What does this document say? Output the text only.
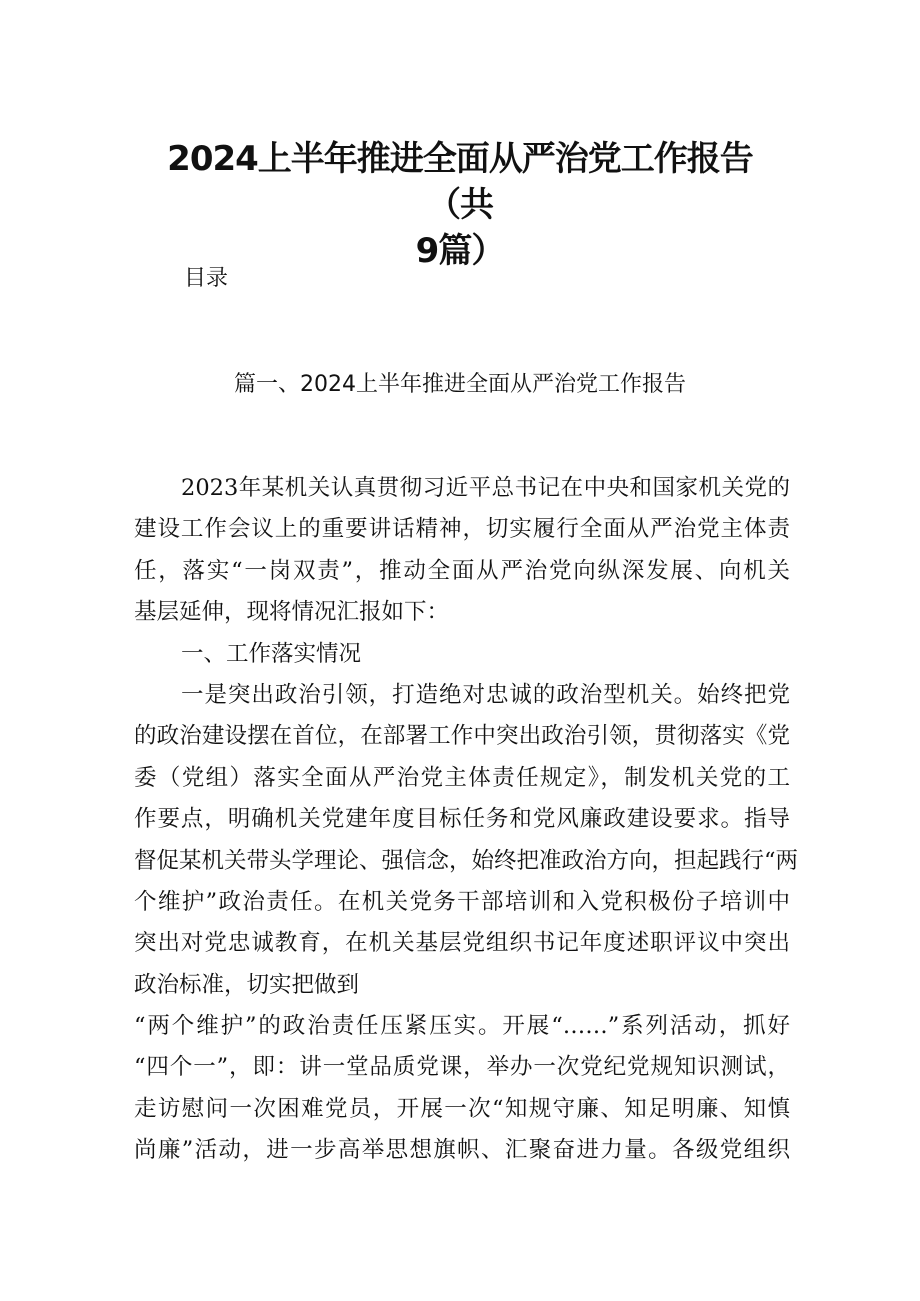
2024上半年推进全面从严治党工作报告（共
9篇）
目录
篇一、2024上半年推进全面从严治党工作报告
2023年某机关认真贯彻习近平总书记在中央和国家机关党的
建设工作会议上的重要讲话精神，切实履行全面从严治党主体责
任，落实“一岗双责”，推动全面从严治党向纵深发展、向机关
基层延伸，现将情况汇报如下：
一、工作落实情况
一是突出政治引领，打造绝对忠诚的政治型机关。始终把党
的政治建设摆在首位，在部署工作中突出政治引领，贯彻落实《党
委（党组）落实全面从严治党主体责任规定》，制发机关党的工
作要点，明确机关党建年度目标任务和党风廉政建设要求。指导
督促某机关带头学理论、强信念，始终把准政治方向，担起践行“两
个维护”政治责任。在机关党务干部培训和入党积极份子培训中
突出对党忠诚教育，在机关基层党组织书记年度述职评议中突出
政治标准，切实把做到
“两个维护”的政治责任压紧压实。开展“……”系列活动，抓好
“四个一”，即：讲一堂品质党课，举办一次党纪党规知识测试，
走访慰问一次困难党员，开展一次“知规守廉、知足明廉、知慎
尚廉”活动，进一步高举思想旗帜、汇聚奋进力量。各级党组织
